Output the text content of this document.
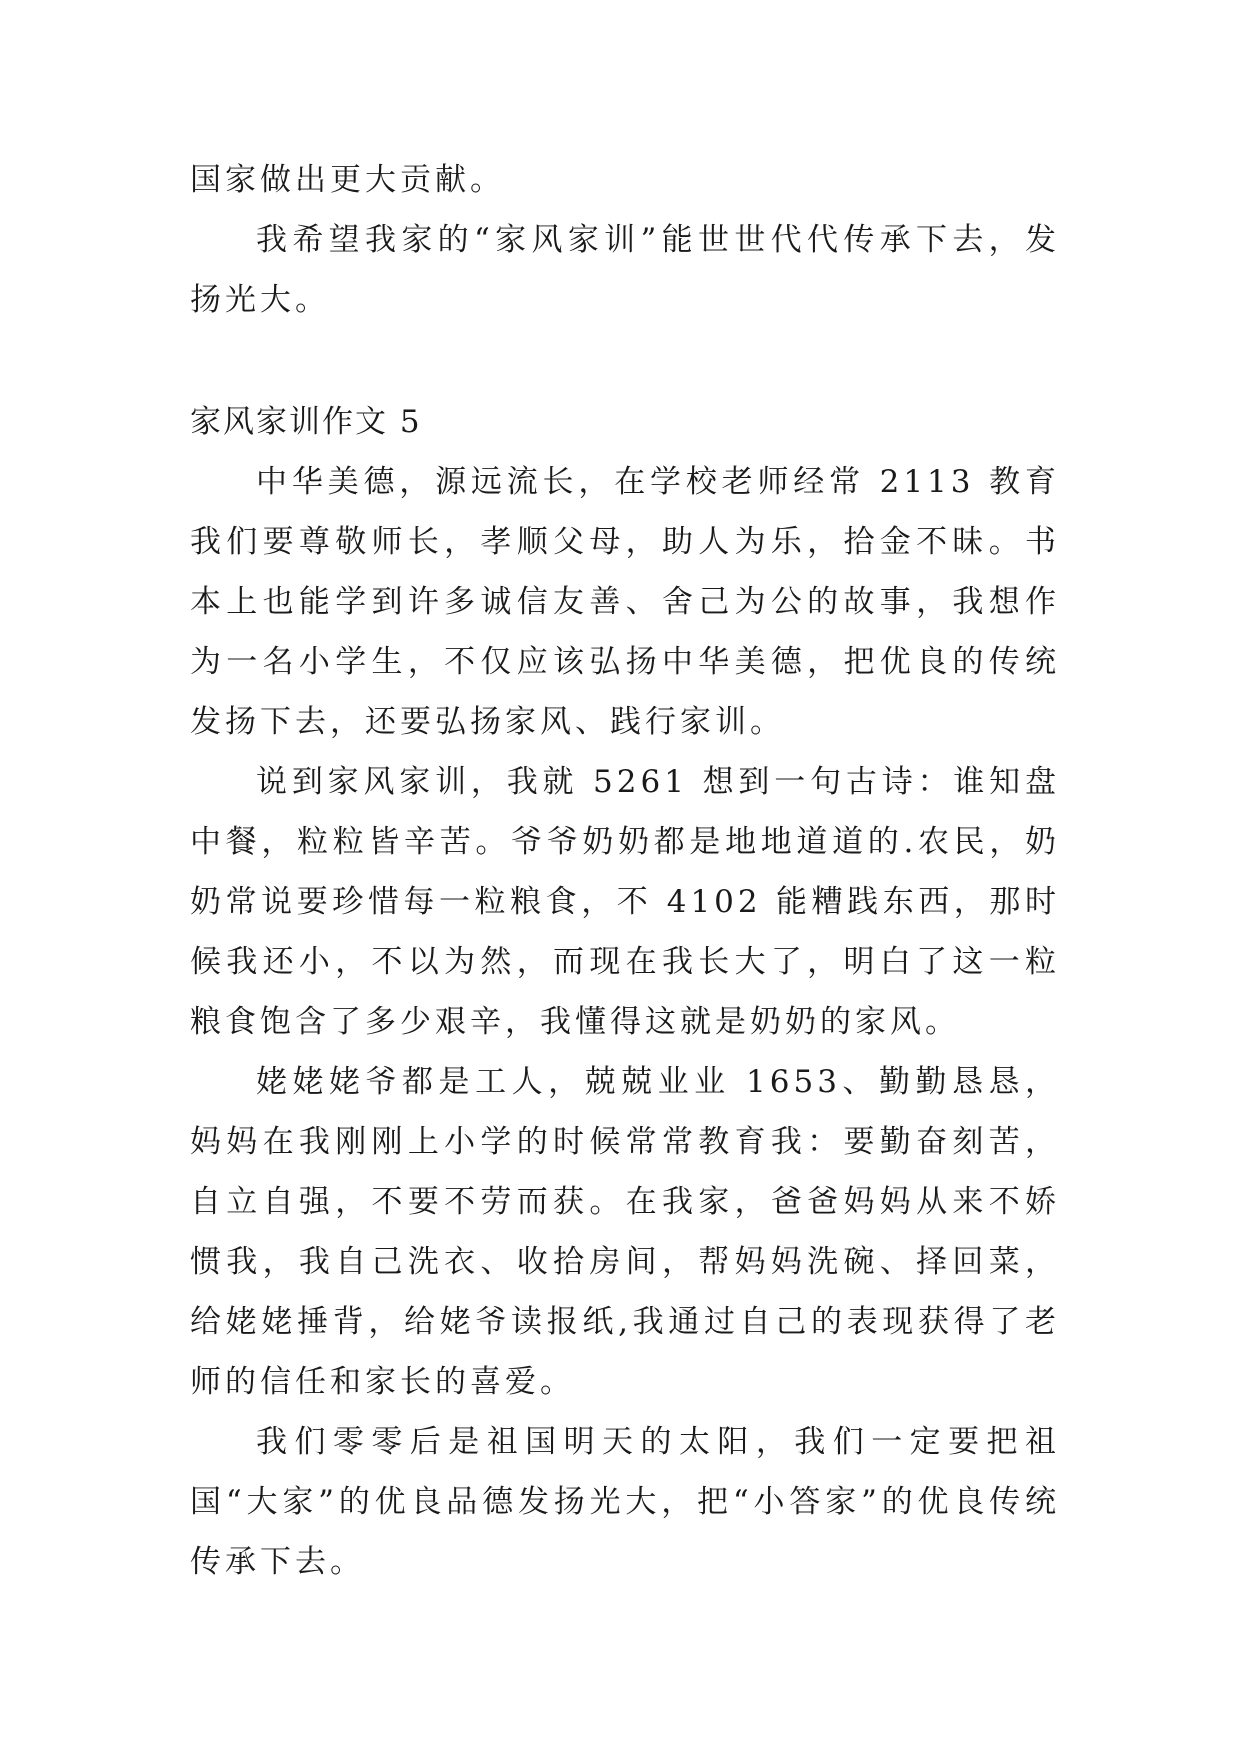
国家做出更大贡献。

我希望我家的“家风家训”能世世代代传承下去，发扬光大。

家风家训作文 5

中华美德，源远流长，在学校老师经常 2113 教育我们要尊敬师长，孝顺父母，助人为乐，拾金不昧。书本上也能学到许多诚信友善、舍己为公的故事，我想作为一名小学生，不仅应该弘扬中华美德，把优良的传统发扬下去，还要弘扬家风、践行家训。

说到家风家训，我就 5261 想到一句古诗：谁知盘中餐，粒粒皆辛苦。爷爷奶奶都是地地道道的.农民，奶奶常说要珍惜每一粒粮食，不 4102 能糟践东西，那时候我还小，不以为然，而现在我长大了，明白了这一粒粮食饱含了多少艰辛，我懂得这就是奶奶的家风。

姥姥姥爷都是工人，兢兢业业 1653、勤勤恳恳，妈妈在我刚刚上小学的时候常常教育我：要勤奋刻苦，自立自强，不要不劳而获。在我家，爸爸妈妈从来不娇惯我，我自己洗衣、收拾房间，帮妈妈洗碗、择回菜，给姥姥捶背，给姥爷读报纸,我通过自己的表现获得了老师的信任和家长的喜爱。

我们零零后是祖国明天的太阳，我们一定要把祖国“大家”的优良品德发扬光大，把“小答家”的优良传统传承下去。
